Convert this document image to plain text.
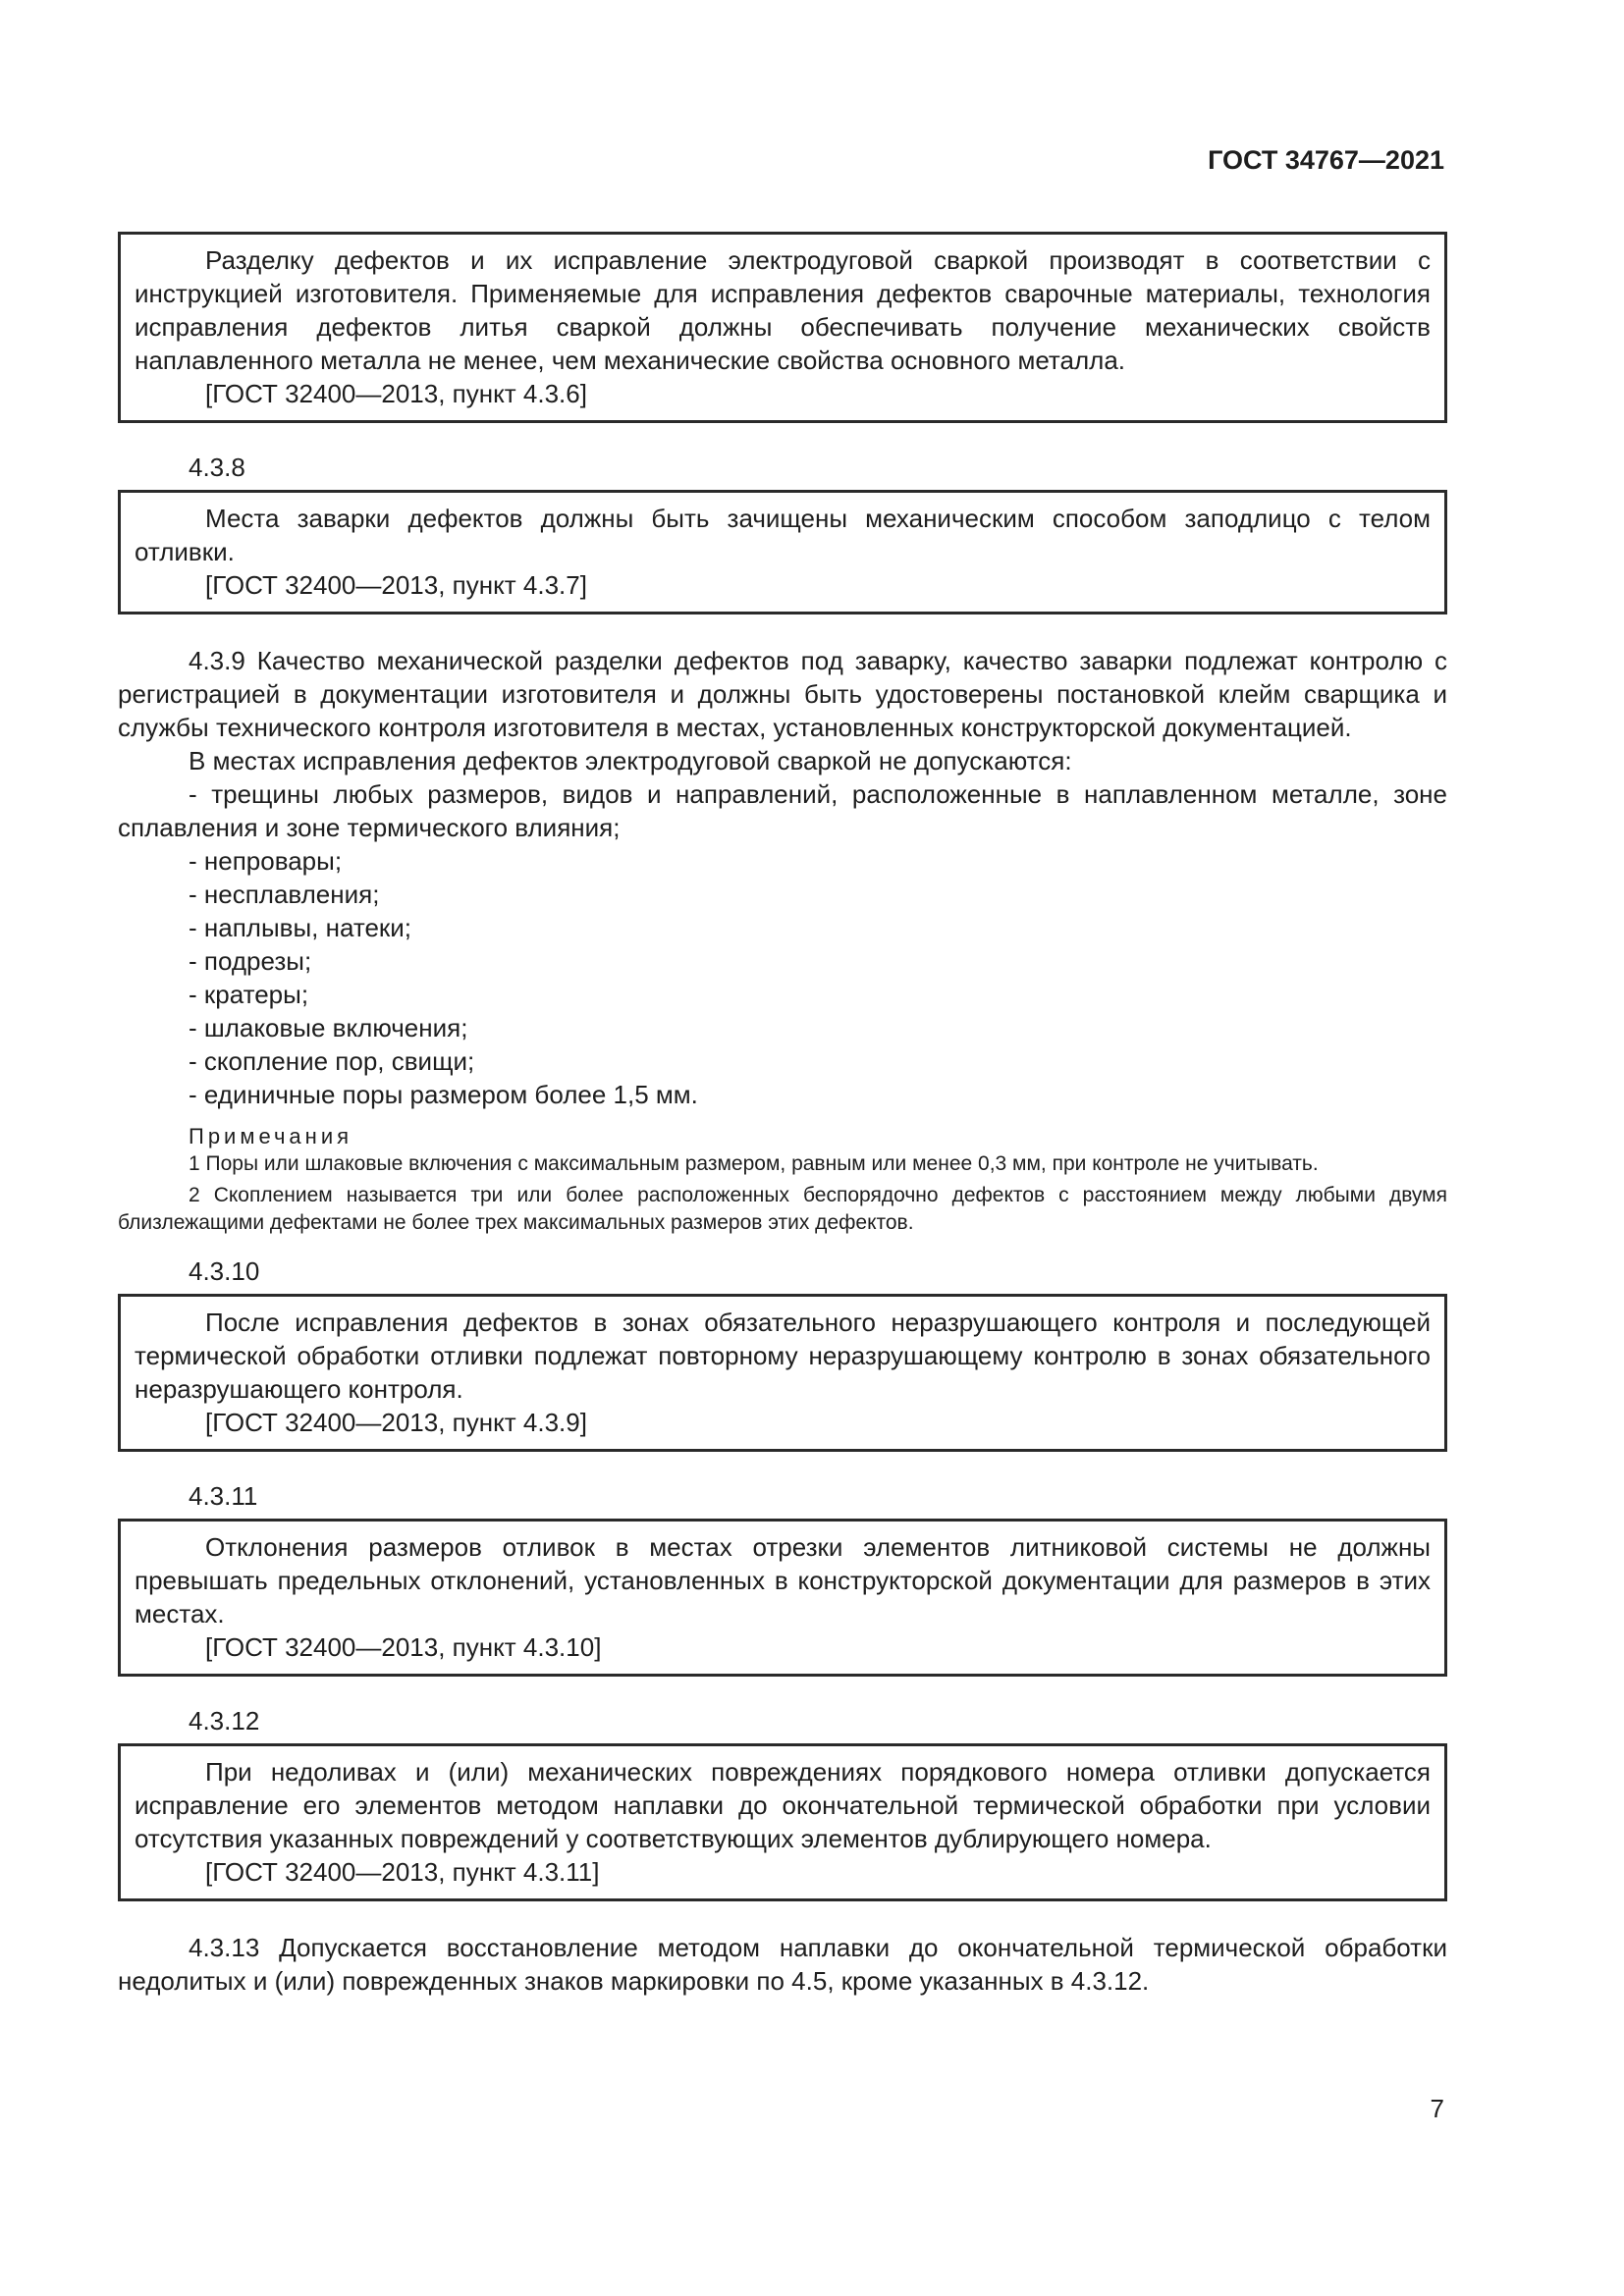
ГОСТ 34767—2021

Разделку дефектов и их исправление электродуговой сваркой производят в соответствии с инструкцией изготовителя. Применяемые для исправления дефектов сварочные материалы, технология исправления дефектов литья сваркой должны обеспечивать получение механических свойств наплавленного металла не менее, чем механические свойства основного металла.

[ГОСТ 32400—2013, пункт 4.3.6]

4.3.8

Места заварки дефектов должны быть зачищены механическим способом заподлицо с телом отливки.

[ГОСТ 32400—2013, пункт 4.3.7]

4.3.9 Качество механической разделки дефектов под заварку, качество заварки подлежат контролю с регистрацией в документации изготовителя и должны быть удостоверены постановкой клейм сварщика и службы технического контроля изготовителя в местах, установленных конструкторской документацией.

В местах исправления дефектов электродуговой сваркой не допускаются:

- трещины любых размеров, видов и направлений, расположенные в наплавленном металле, зоне сплавления и зоне термического влияния;

- непровары;

- несплавления;

- наплывы, натеки;

- подрезы;

- кратеры;

- шлаковые включения;

- скопление пор, свищи;

- единичные поры размером более 1,5 мм.

Примечания

1 Поры или шлаковые включения с максимальным размером, равным или менее 0,3 мм, при контроле не учитывать.

2 Скоплением называется три или более расположенных беспорядочно дефектов с расстоянием между любыми двумя близлежащими дефектами не более трех максимальных размеров этих дефектов.

4.3.10

После исправления дефектов в зонах обязательного неразрушающего контроля и последующей термической обработки отливки подлежат повторному неразрушающему контролю в зонах обязательного неразрушающего контроля.

[ГОСТ 32400—2013, пункт 4.3.9]

4.3.11

Отклонения размеров отливок в местах отрезки элементов литниковой системы не должны превышать предельных отклонений, установленных в конструкторской документации для размеров в этих местах.

[ГОСТ 32400—2013, пункт 4.3.10]

4.3.12

При недоливах и (или) механических повреждениях порядкового номера отливки допускается исправление его элементов методом наплавки до окончательной термической обработки при условии отсутствия указанных повреждений у соответствующих элементов дублирующего номера.

[ГОСТ 32400—2013, пункт 4.3.11]

4.3.13 Допускается восстановление методом наплавки до окончательной термической обработки недолитых и (или) поврежденных знаков маркировки по 4.5, кроме указанных в 4.3.12.

7
